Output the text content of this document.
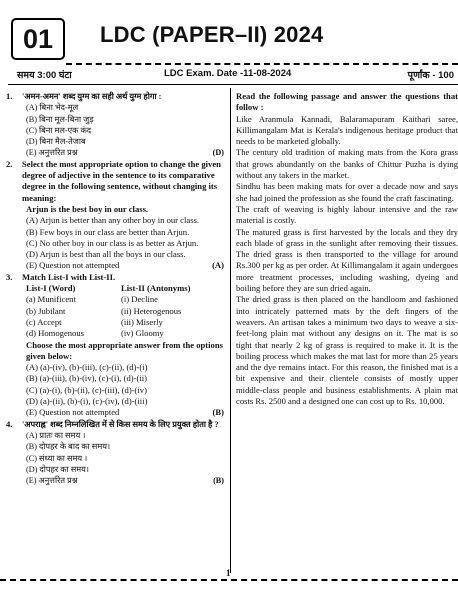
01	LDC (PAPER–II) 2024
समय 3:00 घंटा	LDC Exam. Date -11-08-2024	पूर्णांक - 100
1.	'अमन-अमन' शब्द युग्म का सही अर्थ युग्म होगा :
(A) बिना भेद-मूल
(B) बिना मूल-बिना जुड़
(C) बिना मल-एक कंद
(D) बिना मैल-तेजाब
(E) अनुत्तरित प्रश्न	(D)
2.	Select the most appropriate option to change the given degree of adjective in the sentence to its comparative degree in the following sentence, without changing its meaning:
Arjun is the best boy in our class.
(A) Arjun is better than any other boy in our class.
(B) Few boys in our class are better than Arjun.
(C) No other boy in our class is as better as Arjun.
(D) Arjun is best than all the boys in our class.
(E) Question not attempted	(A)
3.	Match List-I with List-II.
List-I (Word)	List-II (Antonyms)
(a) Munificent	(i) Decline
(b) Jubilant	(ii) Heterogenous
(c) Accept	(iii) Miserly
(d) Homogenous	(iv) Gloomy
Choose the most appropriate answer from the options given below:
(A) (a)-(iv), (b)-(iii), (c)-(ii), (d)-(i)
(B) (a)-(iii), (b)-(iv), (c)-(i), (d)-(ii)
(C) (a)-(i), (b)-(ii), (c)-(iii), (d)-(iv)
(D) (a)-(ii), (b)-(i), (c)-(iv), (d)-(iii)
(E) Question not attempted	(B)
4.	'अपराह्न' शब्द निम्नलिखित में से किस समय के लिए प्रयुक्त होता है ?
(A) प्रातः का समय ।
(B) दोपहर के बाद का समय।
(C) संध्या का समय ।
(D) दोपहर का समय।
(E) अनुत्तरित प्रश्न	(B)

Read the following passage and answer the questions that follow :

Like Aranmula Kannadi, Balaramapuram Kaithari saree, Killimangalam Mat is Kerala's indigenous heritage product that needs to be marketed globally.

The century old tradition of making mats from the Kora grass that grows abundantly on the banks of Chittur Puzha is dying without any takers in the market.

Sindhu has been making mats for over a decade now and says she had joined the profession as she found the craft fascinating.

The craft of weaving is highly labour intensive and the raw material is costly.

The matured grass is first harvested by the locals and they dry each blade of grass in the sunlight after removing their tissues. The dried grass is then transported to the village for around Rs.300 per kg as per order. At Killimangalam it again undergoes more treatment processes, including washing, dyeing and boiling before they are sun dried again.

The dried grass is then placed on the handloom and fashioned into intricately patterned mats by the deft fingers of the weavers. An artisan takes a minimum two days to weave a six-feet-long plain mat without any designs on it. The mat is so tight that nearly 2 kg of grass is required to make it. It is the boiling process which makes the mat last for more than 25 years and the dye remains intact. For this reason, the finished mat is a bit expensive and their clientele consists of mostly upper middle-class people and business establishments. A plain mat costs Rs. 2500 and a designed one can cost up to Rs. 10,000.

1
